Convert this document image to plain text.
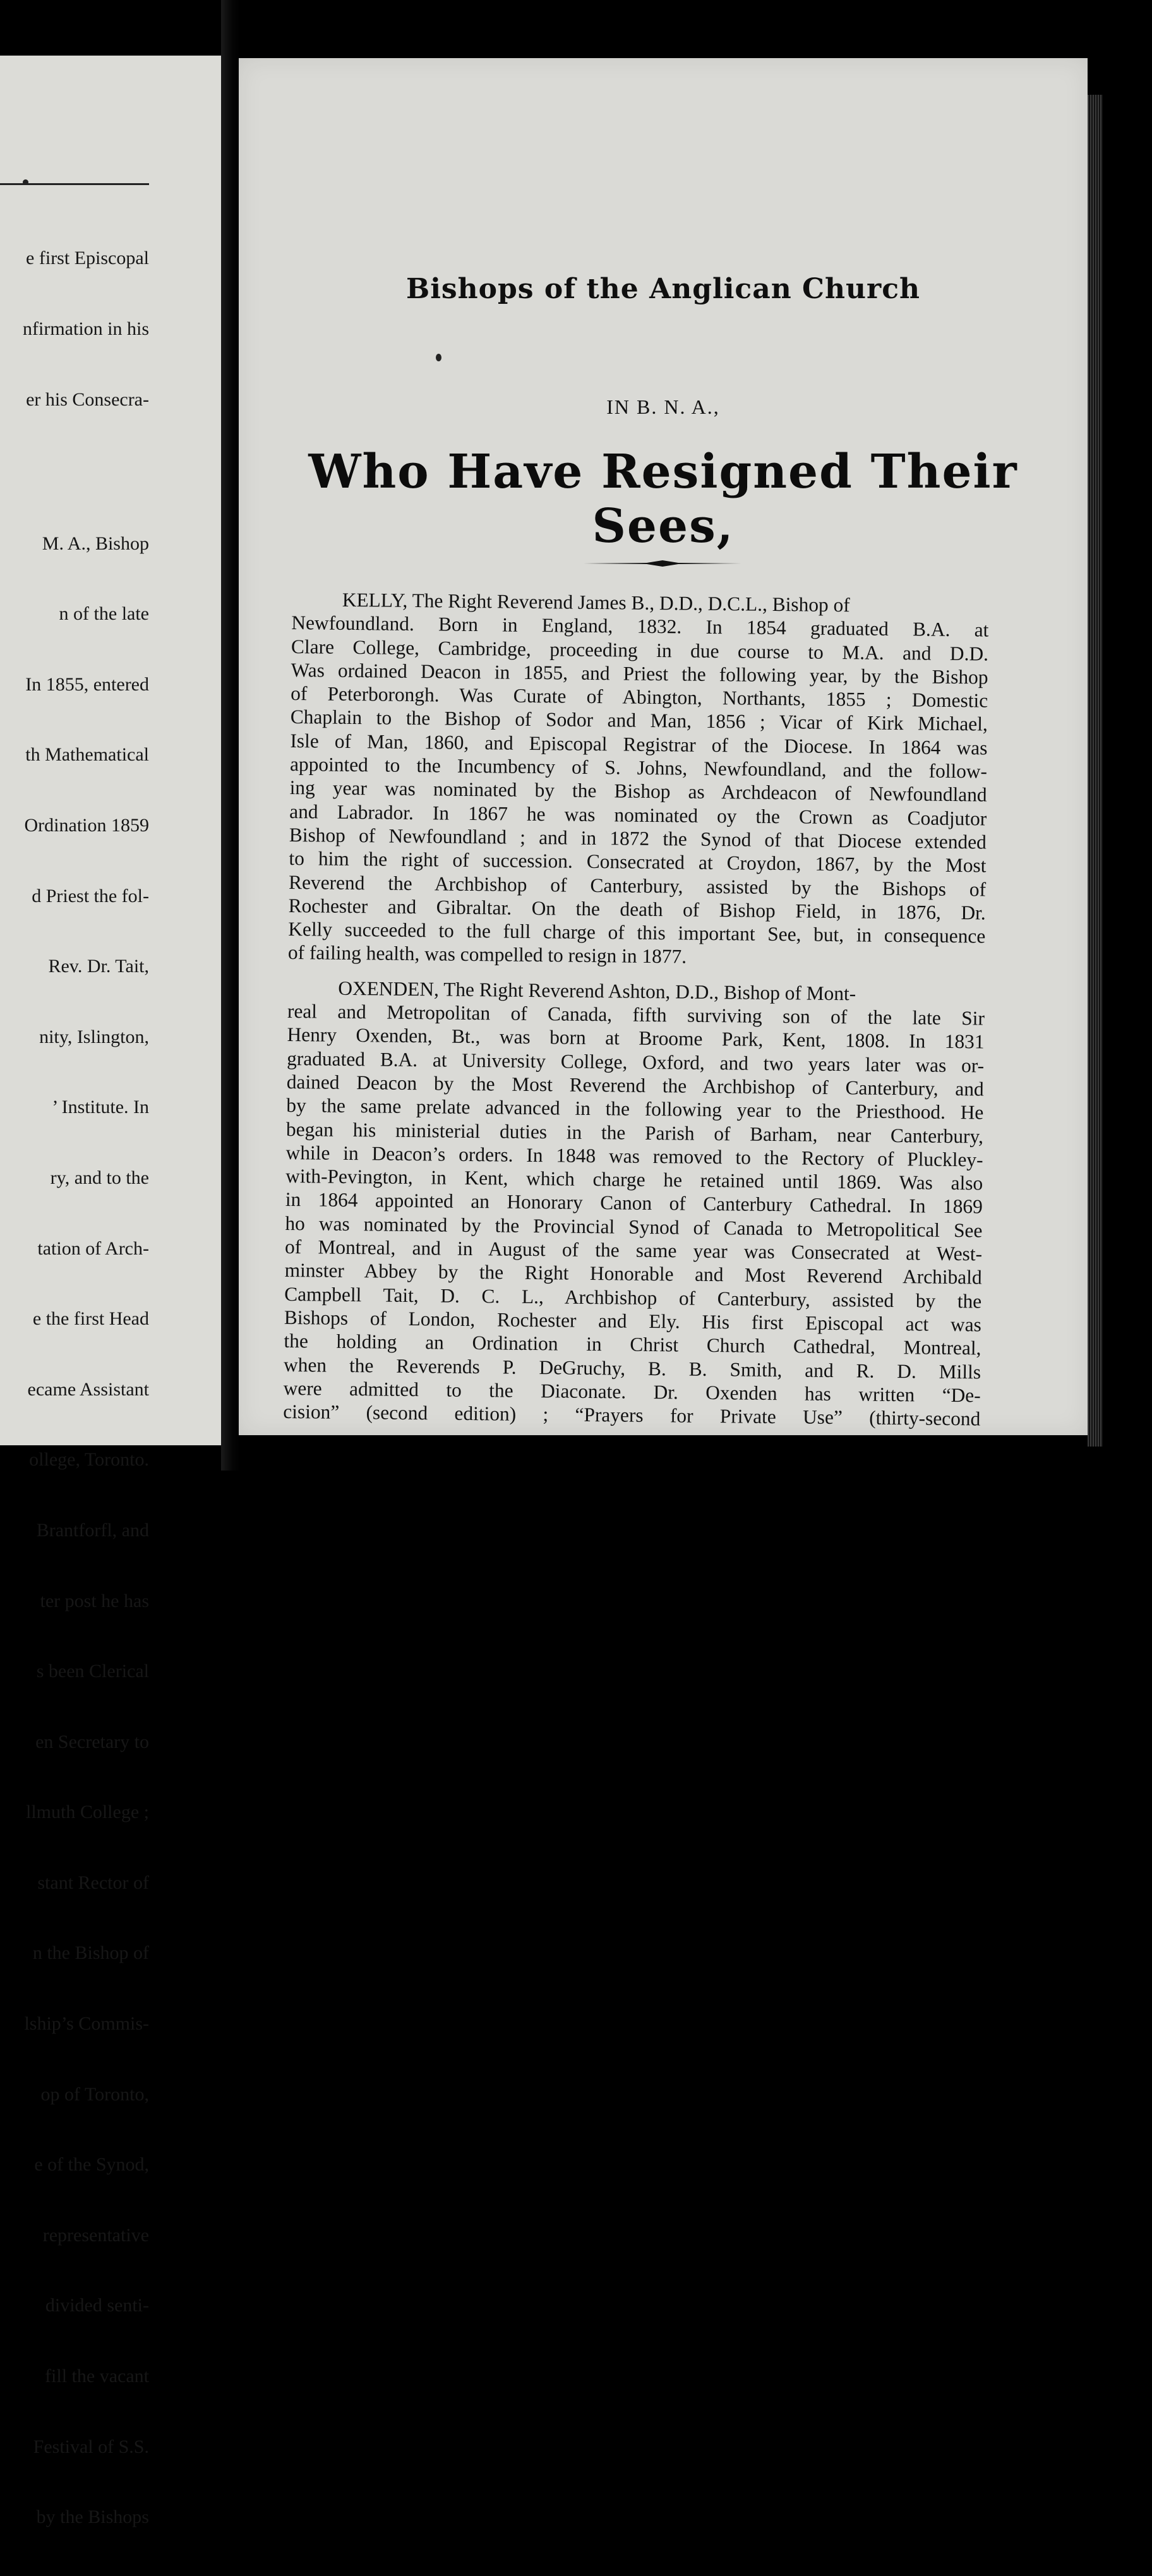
e first Episcopal

nfirmation in his

er his Consecra-

M. A., Bishop

n of the late

In 1855, entered

th Mathematical

Ordination 1859

d Priest the fol-

Rev. Dr. Tait,

nity, Islington,

’ Institute. In

ry, and to the

tation of Arch-

e the first Head

ecame Assistant

ollege, Toronto.

Brantforfl, and

ter post he has

s been Clerical

en Secretary to

llmuth College ;

stant Rector of

n the Bishop of

lship’s Commis-

op of Toronto,

e of the Synod,

representative

divided senti-

fill the vacant

Festival of S.S.

by the Bishops

Bishops of the Anglican Church
IN B. N. A.,
Who Have Resigned Their Sees,
KELLY, The Right Reverend James B., D.D., D.C.L., Bishop of
Newfoundland. Born in England, 1832. In 1854 graduated B.A. at
Clare College, Cambridge, proceeding in due course to M.A. and D.D.
Was ordained Deacon in 1855, and Priest the following year, by the Bishop
of Peterborongh. Was Curate of Abington, Northants, 1855 ; Domestic
Chaplain to the Bishop of Sodor and Man, 1856 ; Vicar of Kirk Michael,
Isle of Man, 1860, and Episcopal Registrar of the Diocese. In 1864 was
appointed to the Incumbency of S. Johns, Newfoundland, and the follow-
ing year was nominated by the Bishop as Archdeacon of Newfoundland
and Labrador. In 1867 he was nominated oy the Crown as Coadjutor
Bishop of Newfoundland ; and in 1872 the Synod of that Diocese extended
to him the right of succession. Consecrated at Croydon, 1867, by the Most
Reverend the Archbishop of Canterbury, assisted by the Bishops of
Rochester and Gibraltar. On the death of Bishop Field, in 1876, Dr.
Kelly succeeded to the full charge of this important See, but, in consequence
of failing health, was compelled to resign in 1877.
OXENDEN, The Right Reverend Ashton, D.D., Bishop of Mont-
real and Metropolitan of Canada, fifth surviving son of the late Sir
Henry Oxenden, Bt., was born at Broome Park, Kent, 1808. In 1831
graduated B.A. at University College, Oxford, and two years later was or-
dained Deacon by the Most Reverend the Archbishop of Canterbury, and
by the same prelate advanced in the following year to the Priesthood. He
began his ministerial duties in the Parish of Barham, near Canterbury,
while in Deacon’s orders. In 1848 was removed to the Rectory of Pluckley-
with-Pevington, in Kent, which charge he retained until 1869. Was also
in 1864 appointed an Honorary Canon of Canterbury Cathedral. In 1869
ho was nominated by the Provincial Synod of Canada to Metropolitical See
of Montreal, and in August of the same year was Consecrated at West-
minster Abbey by the Right Honorable and Most Reverend Archibald
Campbell Tait, D. C. L., Archbishop of Canterbury, assisted by the
Bishops of London, Rochester and Ely. His first Episcopal act was
the holding an Ordination in Christ Church Cathedral, Montreal,
when the Reverends P. DeGruchy, B. B. Smith, and R. D. Mills
were admitted to the Diaconate. Dr. Oxenden has written “De-
cision” (second edition) ; “Prayers for Private Use” (thirty-second
